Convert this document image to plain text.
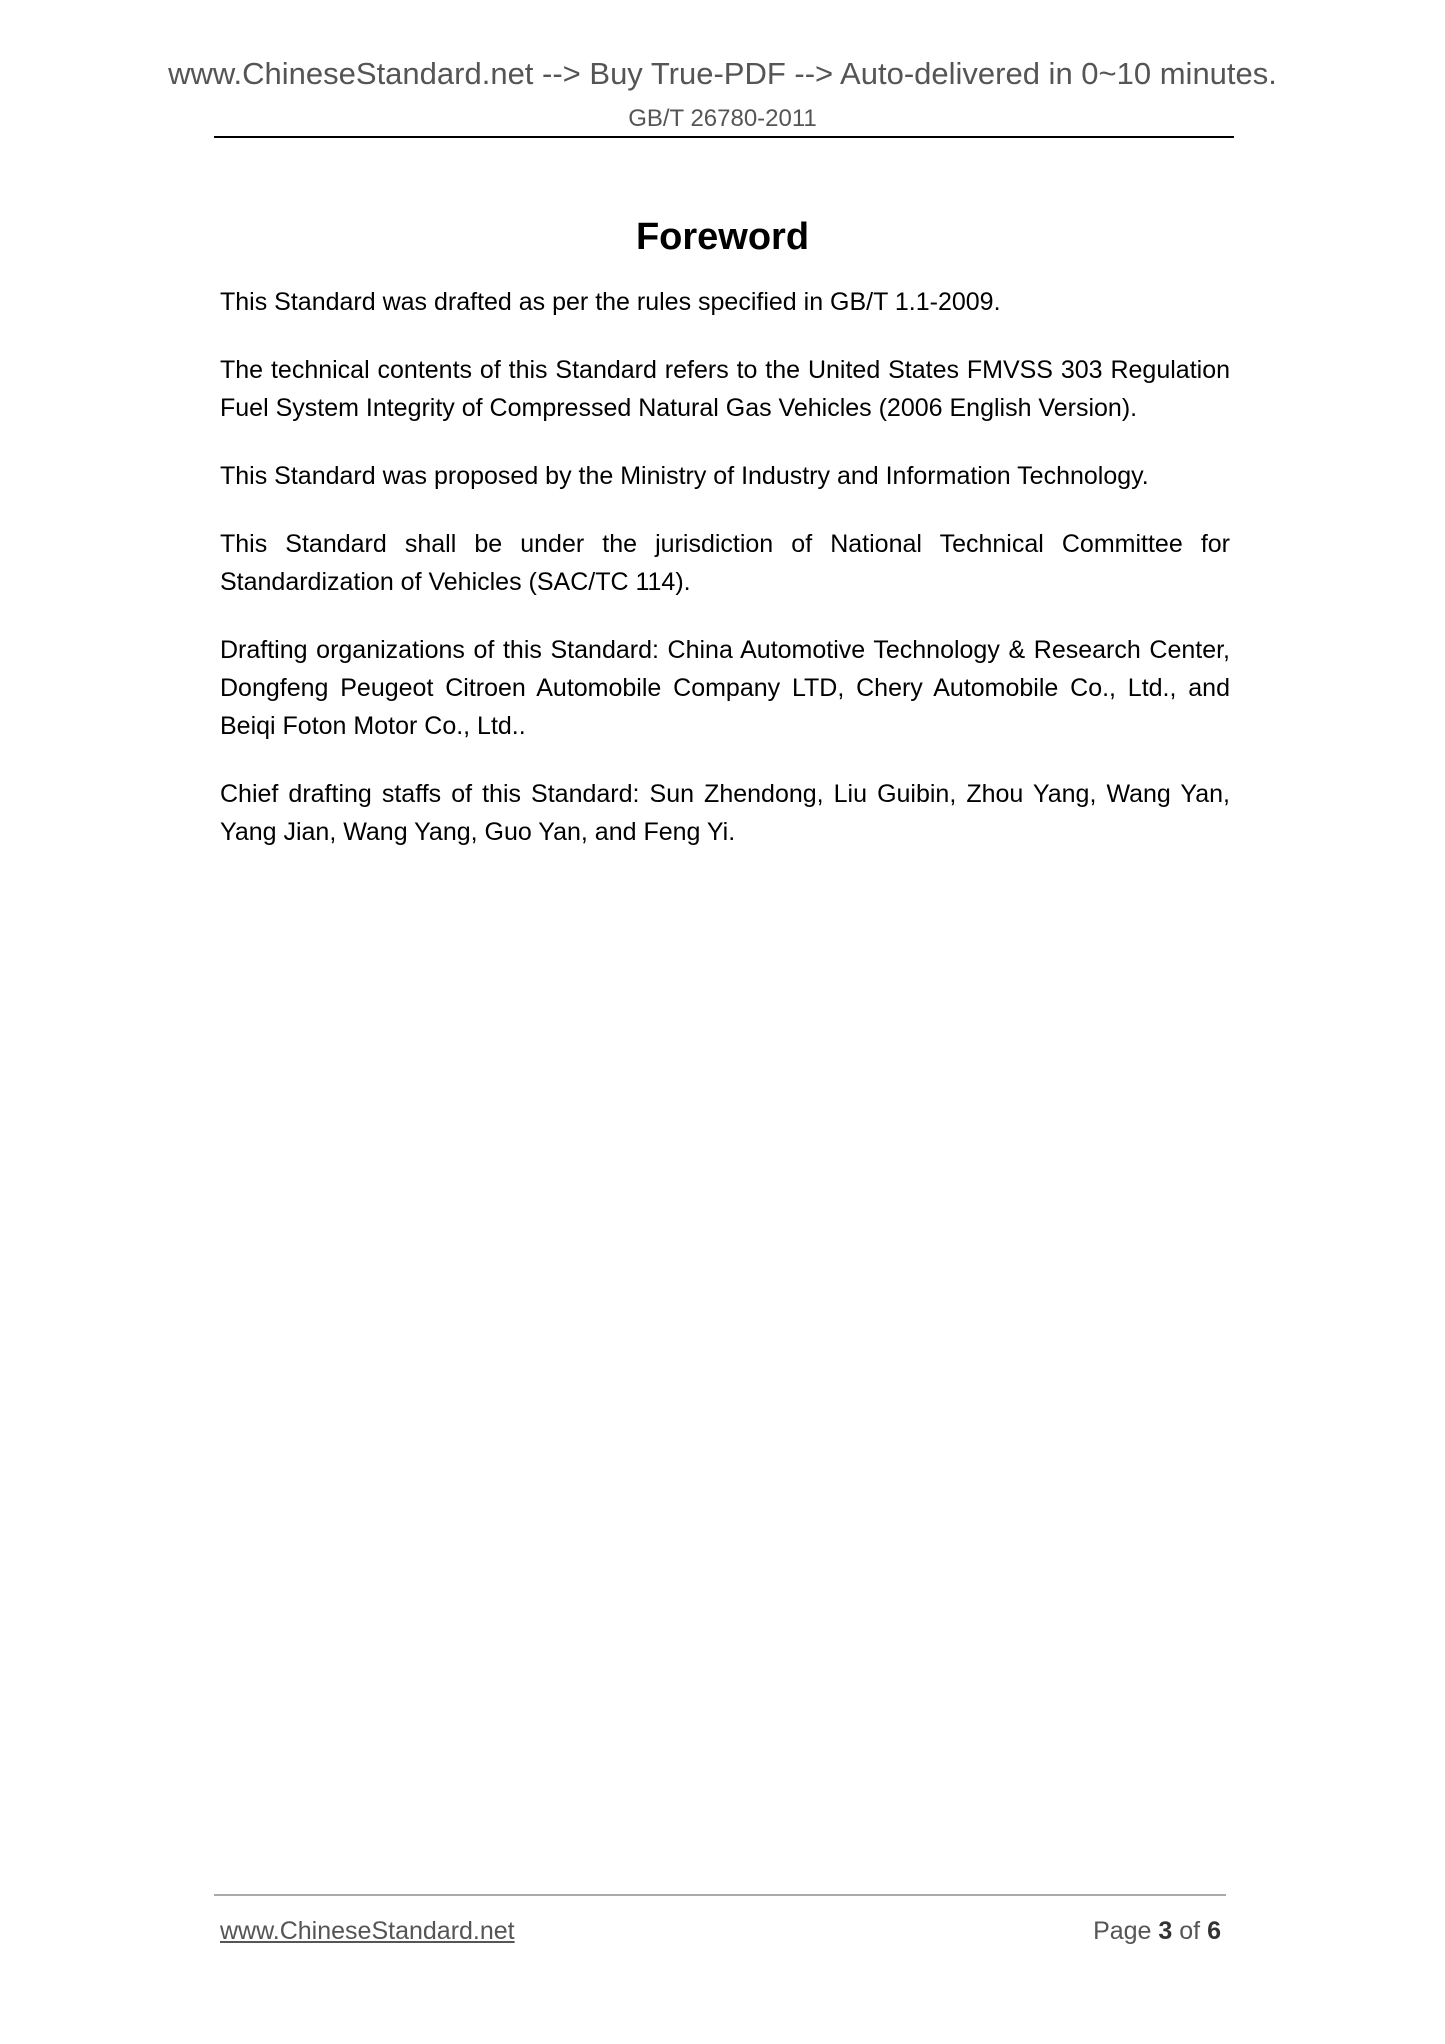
www.ChineseStandard.net --> Buy True-PDF --> Auto-delivered in 0~10 minutes.
GB/T 26780-2011
Foreword

This Standard was drafted as per the rules specified in GB/T 1.1-2009.

The technical contents of this Standard refers to the United States FMVSS 303 Regulation Fuel System Integrity of Compressed Natural Gas Vehicles (2006 English Version).

This Standard was proposed by the Ministry of Industry and Information Technology.

This Standard shall be under the jurisdiction of National Technical Committee for Standardization of Vehicles (SAC/TC 114).

Drafting organizations of this Standard: China Automotive Technology & Research Center, Dongfeng Peugeot Citroen Automobile Company LTD, Chery Automobile Co., Ltd., and Beiqi Foton Motor Co., Ltd..

Chief drafting staffs of this Standard: Sun Zhendong, Liu Guibin, Zhou Yang, Wang Yan, Yang Jian, Wang Yang, Guo Yan, and Feng Yi.

www.ChineseStandard.net	Page 3 of 6
